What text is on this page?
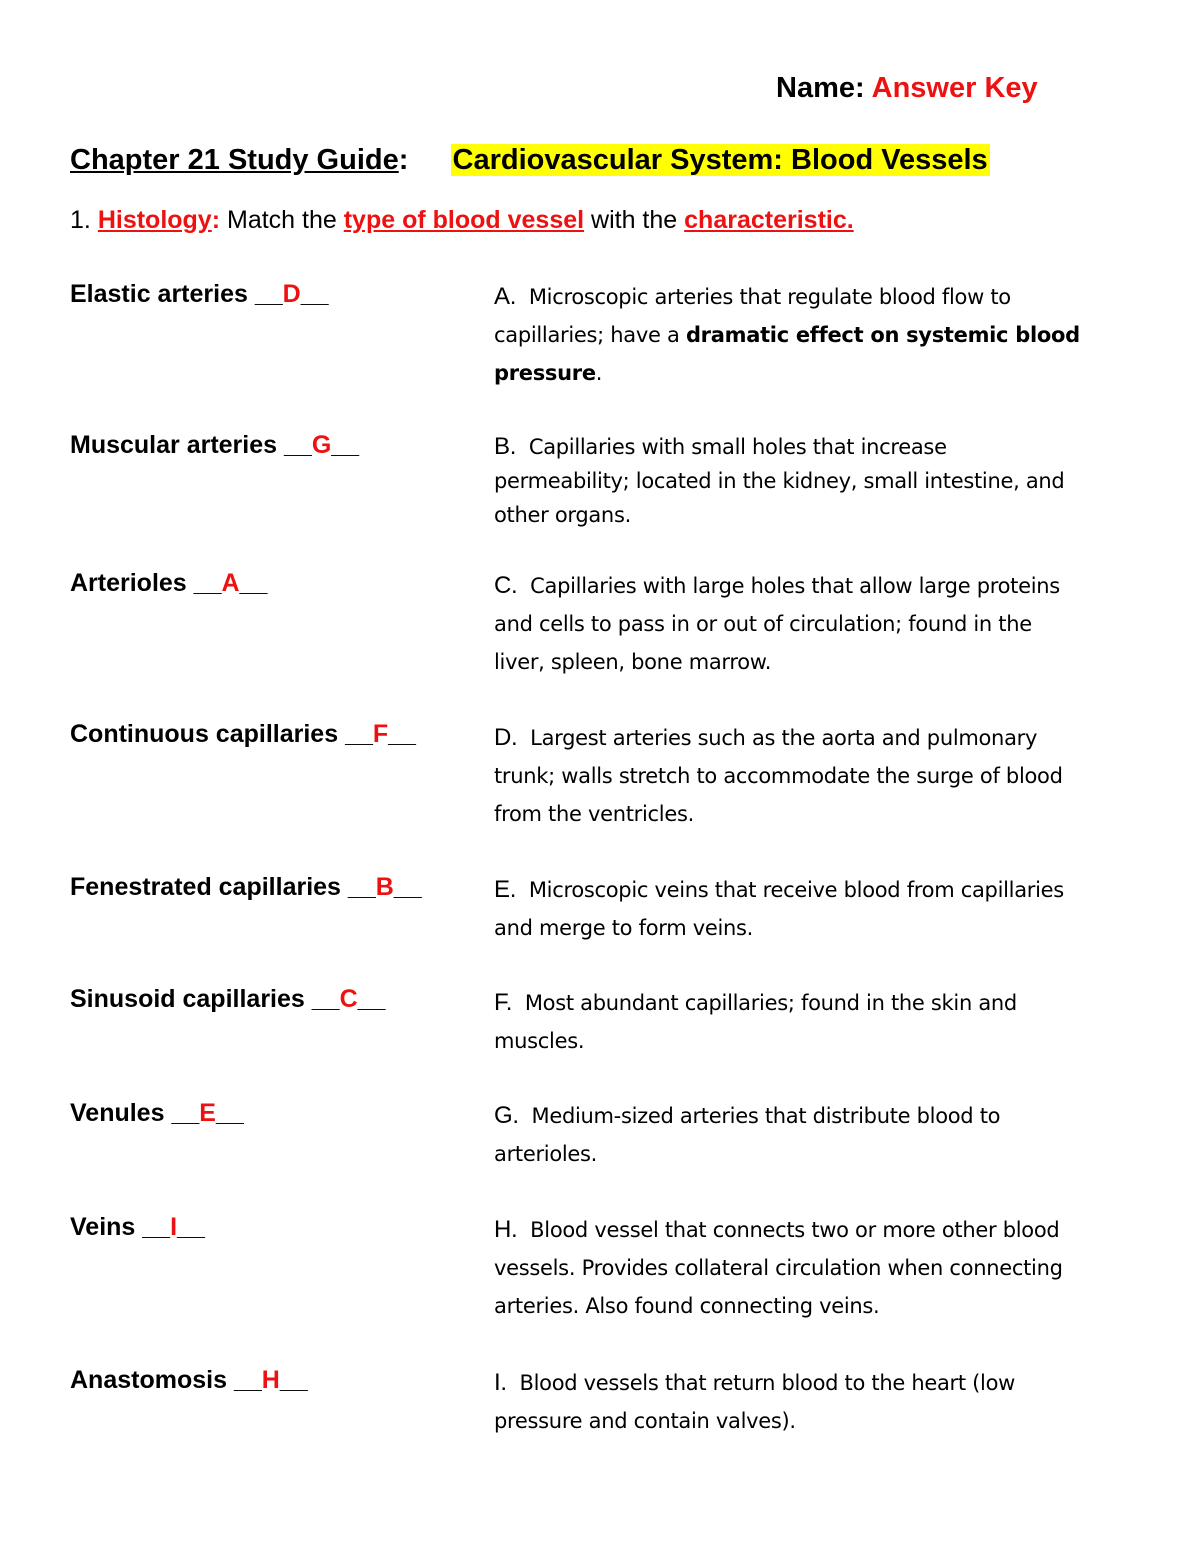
Name: Answer Key
Chapter 21 Study Guide: Cardiovascular System: Blood Vessels
1. Histology: Match the type of blood vessel with the characteristic.
Elastic arteries __D__
Muscular arteries __G__
Arterioles __A__
Continuous capillaries __F__
Fenestrated capillaries __B__
Sinusoid capillaries __C__
Venules __E__
Veins __I__
Anastomosis __H__
A. Microscopic arteries that regulate blood flow to
capillaries; have a dramatic effect on systemic blood
pressure.
B. Capillaries with small holes that increase
permeability; located in the kidney, small intestine, and
other organs.
C. Capillaries with large holes that allow large proteins
and cells to pass in or out of circulation; found in the
liver, spleen, bone marrow.
D. Largest arteries such as the aorta and pulmonary
trunk; walls stretch to accommodate the surge of blood
from the ventricles.
E. Microscopic veins that receive blood from capillaries
and merge to form veins.
F. Most abundant capillaries; found in the skin and
muscles.
G. Medium-sized arteries that distribute blood to
arterioles.
H. Blood vessel that connects two or more other blood
vessels. Provides collateral circulation when connecting
arteries. Also found connecting veins.
I. Blood vessels that return blood to the heart (low
pressure and contain valves).
